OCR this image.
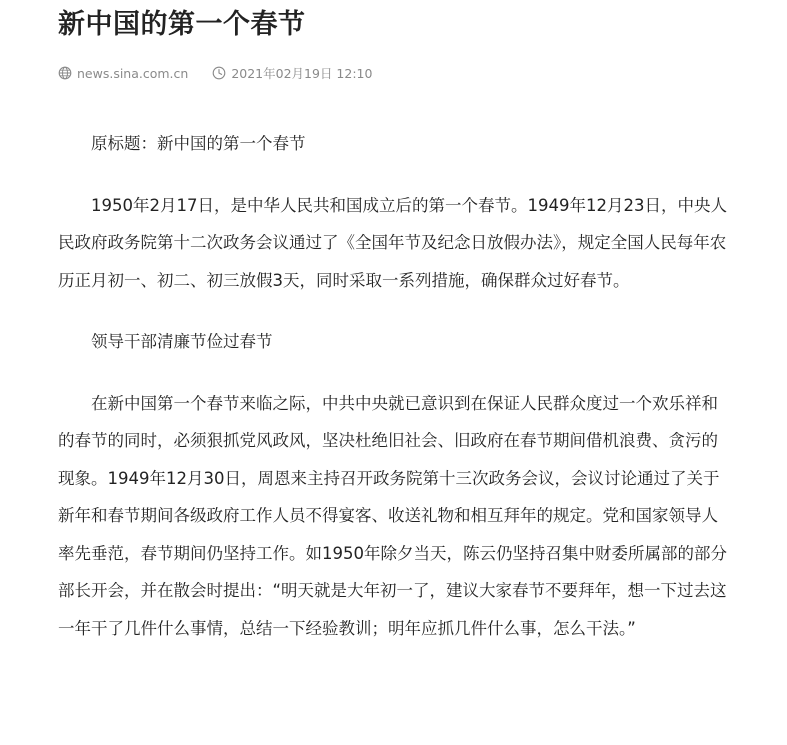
新中国的第一个春节
news.sina.com.cn	2021年02月19日 12:10

原标题：新中国的第一个春节

1950年2月17日，是中华人民共和国成立后的第一个春节。1949年12月23日，中央人民政府政务院第十二次政务会议通过了《全国年节及纪念日放假办法》，规定全国人民每年农历正月初一、初二、初三放假3天，同时采取一系列措施，确保群众过好春节。

领导干部清廉节俭过春节

在新中国第一个春节来临之际，中共中央就已意识到在保证人民群众度过一个欢乐祥和的春节的同时，必须狠抓党风政风，坚决杜绝旧社会、旧政府在春节期间借机浪费、贪污的现象。1949年12月30日，周恩来主持召开政务院第十三次政务会议，会议讨论通过了关于新年和春节期间各级政府工作人员不得宴客、收送礼物和相互拜年的规定。党和国家领导人率先垂范，春节期间仍坚持工作。如1950年除夕当天，陈云仍坚持召集中财委所属部的部分部长开会，并在散会时提出：“明天就是大年初一了，建议大家春节不要拜年，想一下过去这一年干了几件什么事情，总结一下经验教训；明年应抓几件什么事，怎么干法。”
